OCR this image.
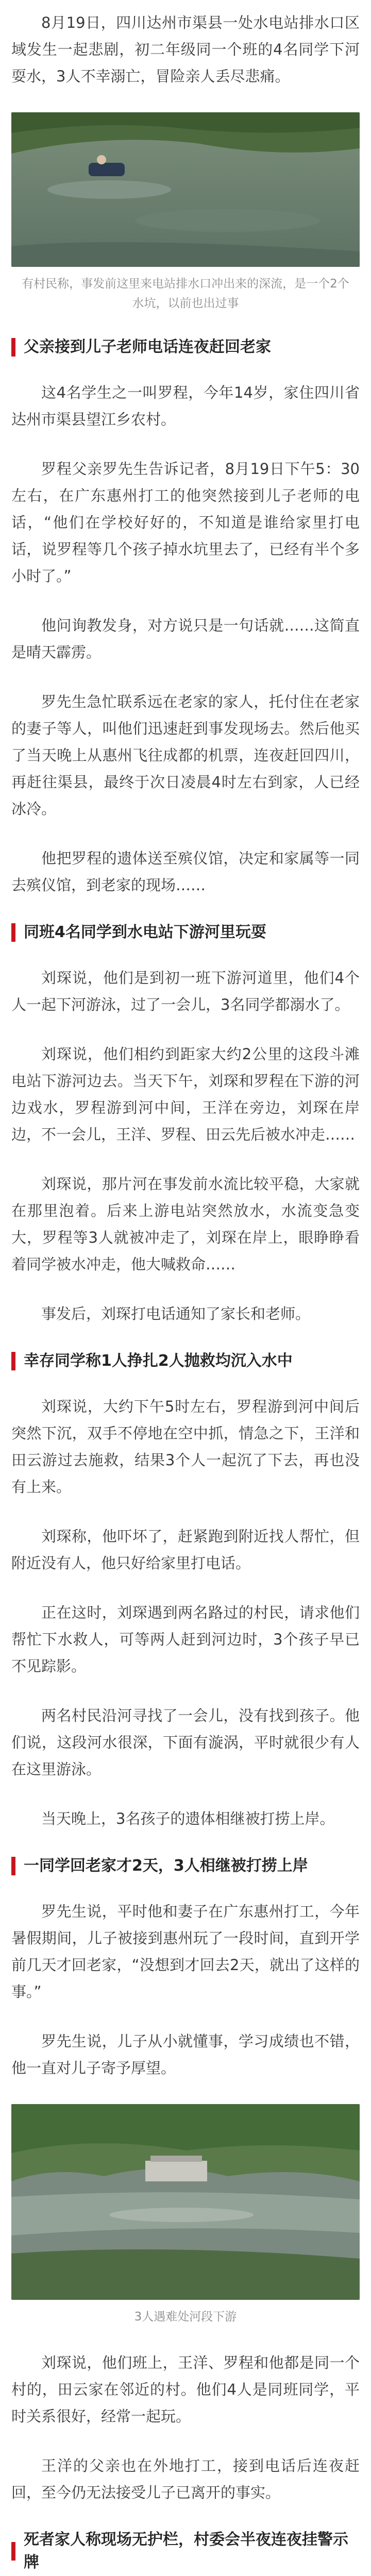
8月19日，四川达州市渠县一处水电站排水口区域发生一起悲剧，初二年级同一个班的4名同学下河耍水，3人不幸溺亡，冒险亲人丢尽悲痛。

有村民称，事发前这里来电站排水口冲出来的深流，是一个2个水坑，以前也出过事
父亲接到儿子老师电话连夜赶回老家

这4名学生之一叫罗程，今年14岁，家住四川省达州市渠县望江乡农村。

罗程父亲罗先生告诉记者，8月19日下午5：30左右，在广东惠州打工的他突然接到儿子老师的电话，“他们在学校好好的，不知道是谁给家里打电话，说罗程等几个孩子掉水坑里去了，已经有半个多小时了。”

他问询教发身，对方说只是一句话就……这简直是晴天霹雳。

罗先生急忙联系远在老家的家人，托付住在老家的妻子等人，叫他们迅速赶到事发现场去。然后他买了当天晚上从惠州飞往成都的机票，连夜赶回四川，再赶往渠县，最终于次日凌晨4时左右到家，人已经冰冷。

他把罗程的遗体送至殡仪馆，决定和家属等一同去殡仪馆，到老家的现场……

同班4名同学到水电站下游河里玩耍

刘琛说，他们是到初一班下游河道里，他们4个人一起下河游泳，过了一会儿，3名同学都溺水了。

刘琛说，他们相约到距家大约2公里的这段斗滩电站下游河边去。当天下午，刘琛和罗程在下游的河边戏水，罗程游到河中间，王洋在旁边，刘琛在岸边，不一会儿，王洋、罗程、田云先后被水冲走……

刘琛说，那片河在事发前水流比较平稳，大家就在那里泡着。后来上游电站突然放水，水流变急变大，罗程等3人就被冲走了，刘琛在岸上，眼睁睁看着同学被水冲走，他大喊救命……

事发后，刘琛打电话通知了家长和老师。

幸存同学称1人挣扎2人抛救均沉入水中

刘琛说，大约下午5时左右，罗程游到河中间后突然下沉，双手不停地在空中抓，情急之下，王洋和田云游过去施救，结果3个人一起沉了下去，再也没有上来。

刘琛称，他吓坏了，赶紧跑到附近找人帮忙，但附近没有人，他只好给家里打电话。

正在这时，刘琛遇到两名路过的村民，请求他们帮忙下水救人，可等两人赶到河边时，3个孩子早已不见踪影。

两名村民沿河寻找了一会儿，没有找到孩子。他们说，这段河水很深，下面有漩涡，平时就很少有人在这里游泳。

当天晚上，3名孩子的遗体相继被打捞上岸。

一同学回老家才2天，3人相继被打捞上岸

罗先生说，平时他和妻子在广东惠州打工，今年暑假期间，儿子被接到惠州玩了一段时间，直到开学前几天才回老家，“没想到才回去2天，就出了这样的事。”

罗先生说，儿子从小就懂事，学习成绩也不错，他一直对儿子寄予厚望。

3人遇难处河段下游

刘琛说，他们班上，王洋、罗程和他都是同一个村的，田云家在邻近的村。他们4人是同班同学，平时关系很好，经常一起玩。

王洋的父亲也在外地打工，接到电话后连夜赶回，至今仍无法接受儿子已离开的事实。

死者家人称现场无护栏，村委会半夜连夜挂警示牌
